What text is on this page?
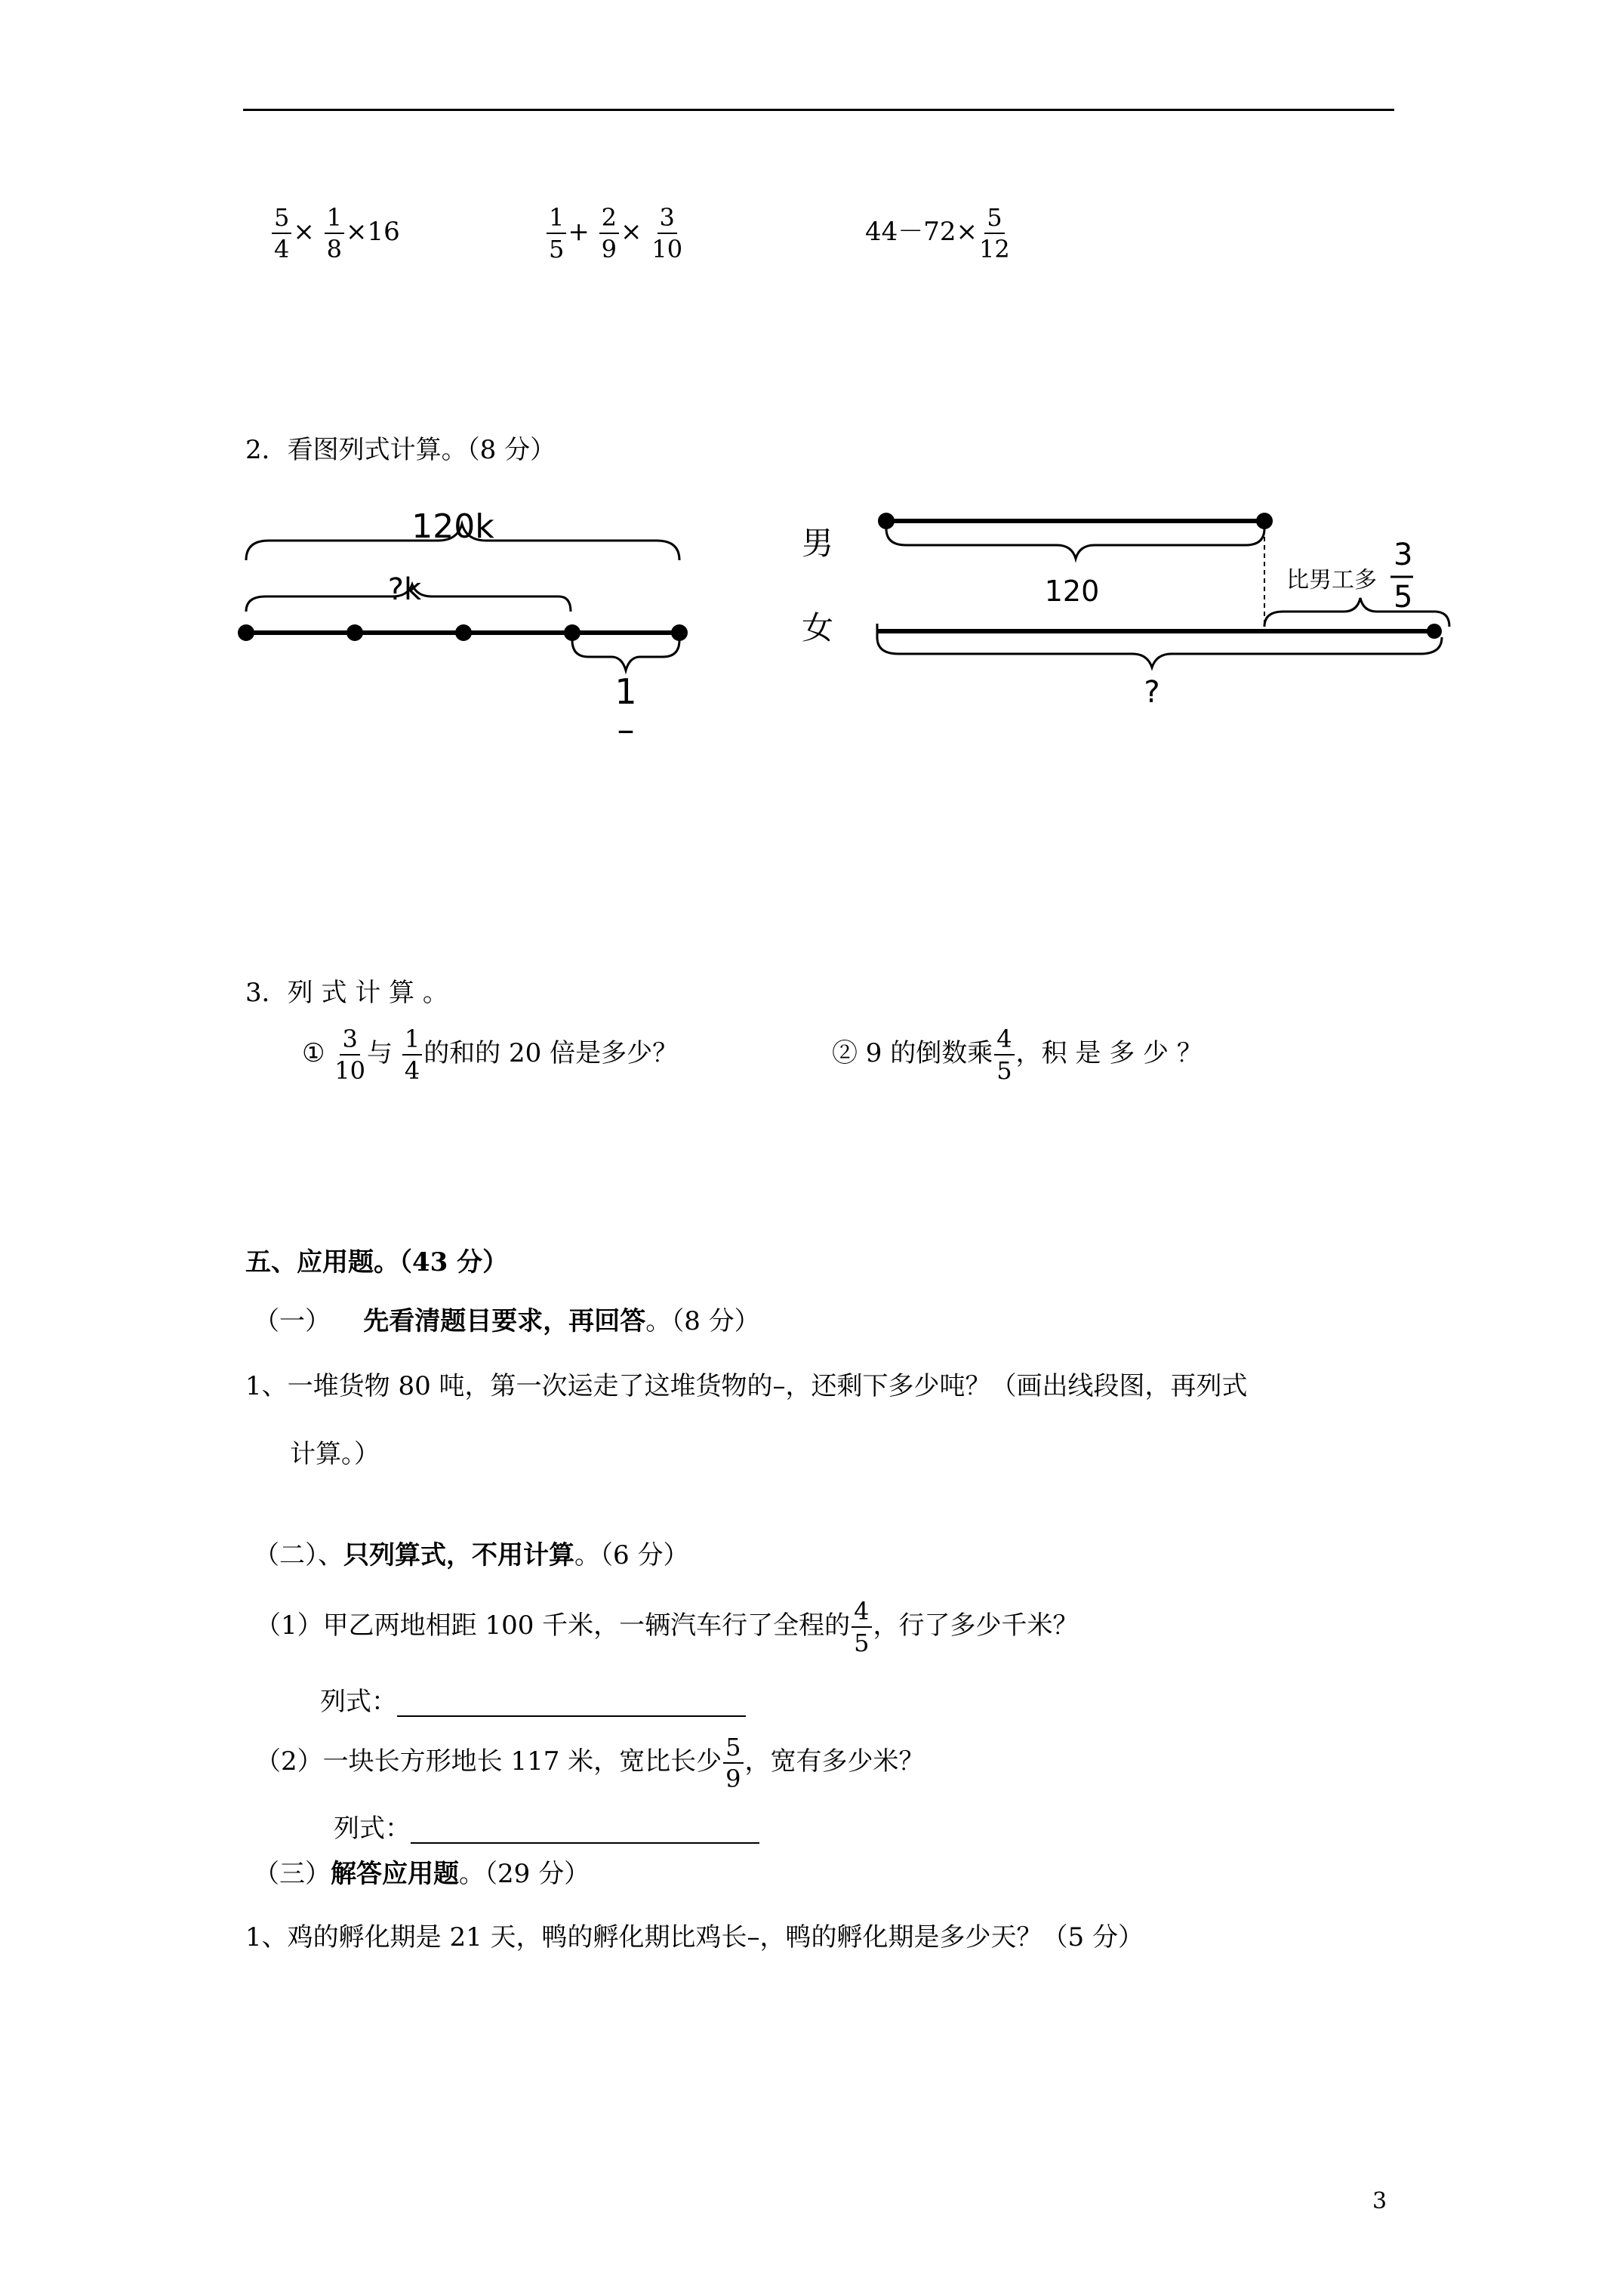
$\frac{5}{4} \times \frac{1}{8} \times 16$	$\frac{1}{5} + \frac{2}{9} \times \frac{3}{10}$	$44-72\times \frac{5}{12}$
2．看图列式计算。（8 分）
120k
?k
1
–
男
女
120	比男工多
3
5
?
3．列 式 计 算 。
① $\frac{3}{10}$ 与 $\frac{1}{4}$ 的和的 20 倍是多少？	② 9 的倒数乘 $\frac{4}{5}$ ，积 是 多 少 ？
五、应用题。（43 分）
（一） 先看清题目要求，再回答。（8 分）
1、一堆货物 80 吨，第一次运走了这堆货物的–，还剩下多少吨？（画出线段图，再列式
计算。）
（二）、只列算式，不用计算。（6 分）
（1）甲乙两地相距 100 千米，一辆汽车行了全程的 $\frac{4}{5}$ ，行了多少千米？
列式：
（2）一块长方形地长 117 米，宽比长少 $\frac{5}{9}$ ，宽有多少米？
列式：
（三）解答应用题。（29 分）
1、鸡的孵化期是 21 天，鸭的孵化期比鸡长–，鸭的孵化期是多少天？（5 分）
3
